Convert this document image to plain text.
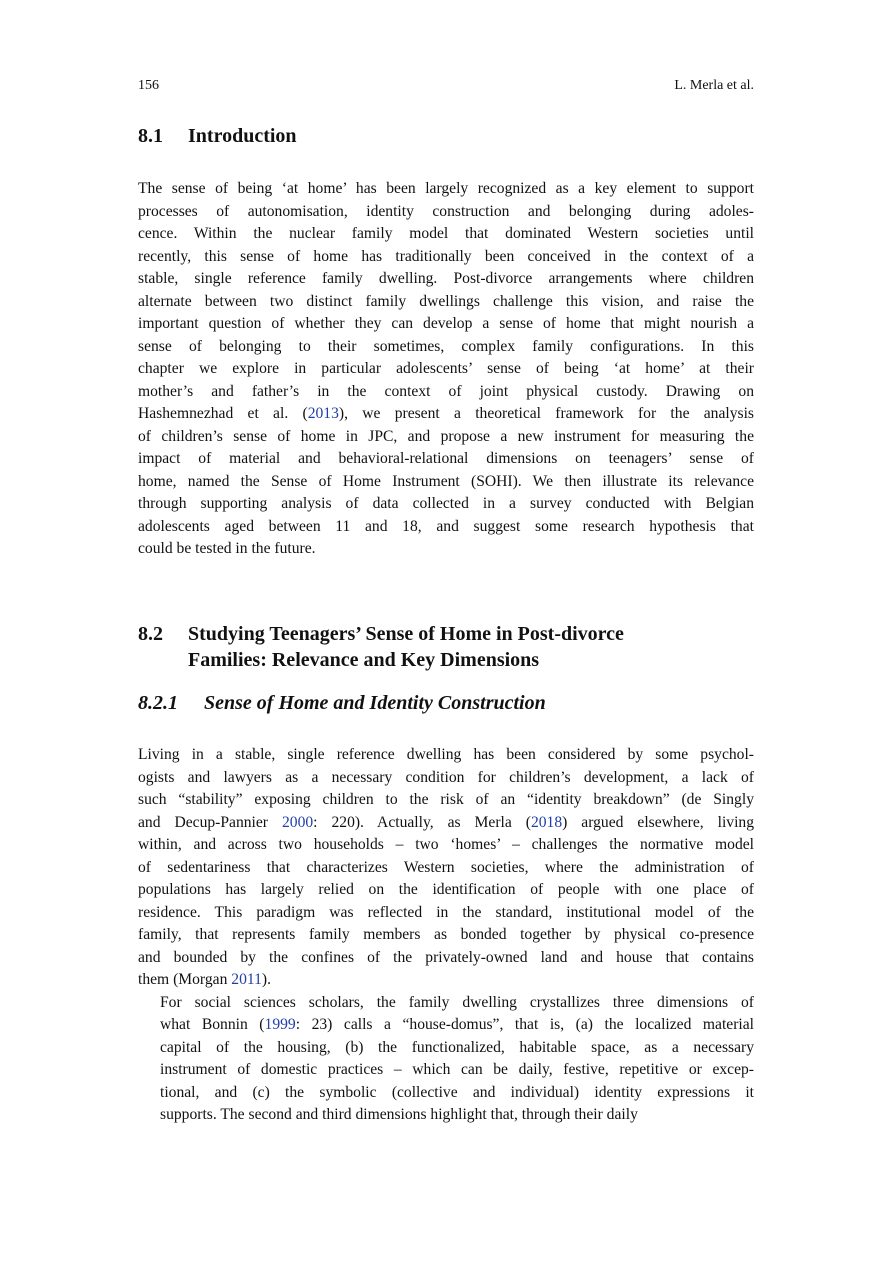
156	L. Merla et al.
8.1 Introduction

The sense of being ‘at home’ has been largely recognized as a key element to support
processes of autonomisation, identity construction and belonging during adoles-
cence. Within the nuclear family model that dominated Western societies until
recently, this sense of home has traditionally been conceived in the context of a
stable, single reference family dwelling. Post-divorce arrangements where children
alternate between two distinct family dwellings challenge this vision, and raise the
important question of whether they can develop a sense of home that might nourish a
sense of belonging to their sometimes, complex family configurations. In this
chapter we explore in particular adolescents’ sense of being ‘at home’ at their
mother’s and father’s in the context of joint physical custody. Drawing on
Hashemnezhad et al. (2013), we present a theoretical framework for the analysis
of children’s sense of home in JPC, and propose a new instrument for measuring the
impact of material and behavioral-relational dimensions on teenagers’ sense of
home, named the Sense of Home Instrument (SOHI). We then illustrate its relevance
through supporting analysis of data collected in a survey conducted with Belgian
adolescents aged between 11 and 18, and suggest some research hypothesis that
could be tested in the future.

8.2 Studying Teenagers’ Sense of Home in Post-divorce
Families: Relevance and Key Dimensions
8.2.1 Sense of Home and Identity Construction

Living in a stable, single reference dwelling has been considered by some psychol-
ogists and lawyers as a necessary condition for children’s development, a lack of
such “stability” exposing children to the risk of an “identity breakdown” (de Singly
and Decup-Pannier 2000: 220). Actually, as Merla (2018) argued elsewhere, living
within, and across two households – two ‘homes’ – challenges the normative model
of sedentariness that characterizes Western societies, where the administration of
populations has largely relied on the identification of people with one place of
residence. This paradigm was reflected in the standard, institutional model of the
family, that represents family members as bonded together by physical co-presence
and bounded by the confines of the privately-owned land and house that contains
them (Morgan 2011).

For social sciences scholars, the family dwelling crystallizes three dimensions of
what Bonnin (1999: 23) calls a “house-domus”, that is, (a) the localized material
capital of the housing, (b) the functionalized, habitable space, as a necessary
instrument of domestic practices – which can be daily, festive, repetitive or excep-
tional, and (c) the symbolic (collective and individual) identity expressions it
supports. The second and third dimensions highlight that, through their daily
